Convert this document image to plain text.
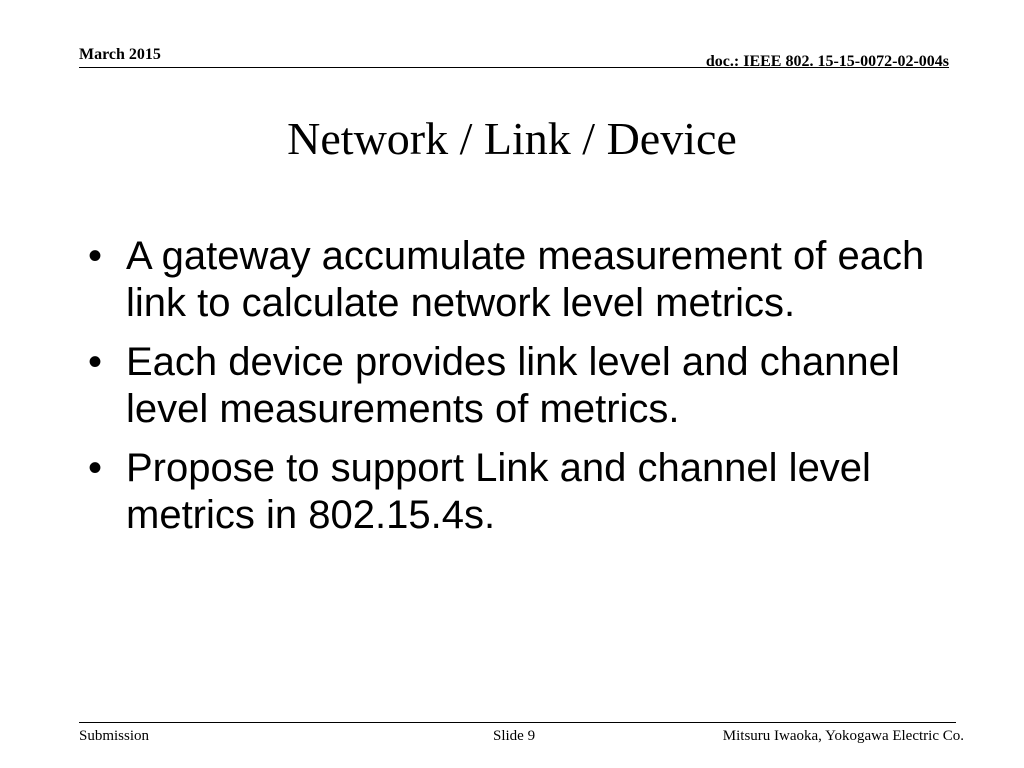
March 2015	doc.: IEEE 802. 15-15-0072-02-004s
Network / Link / Device
• A gateway accumulate measurement of each link to calculate network level metrics.
• Each device provides link level and channel level measurements of metrics.
• Propose to support Link and channel level metrics in 802.15.4s.
Submission	Slide 9	Mitsuru Iwaoka, Yokogawa Electric Co.
